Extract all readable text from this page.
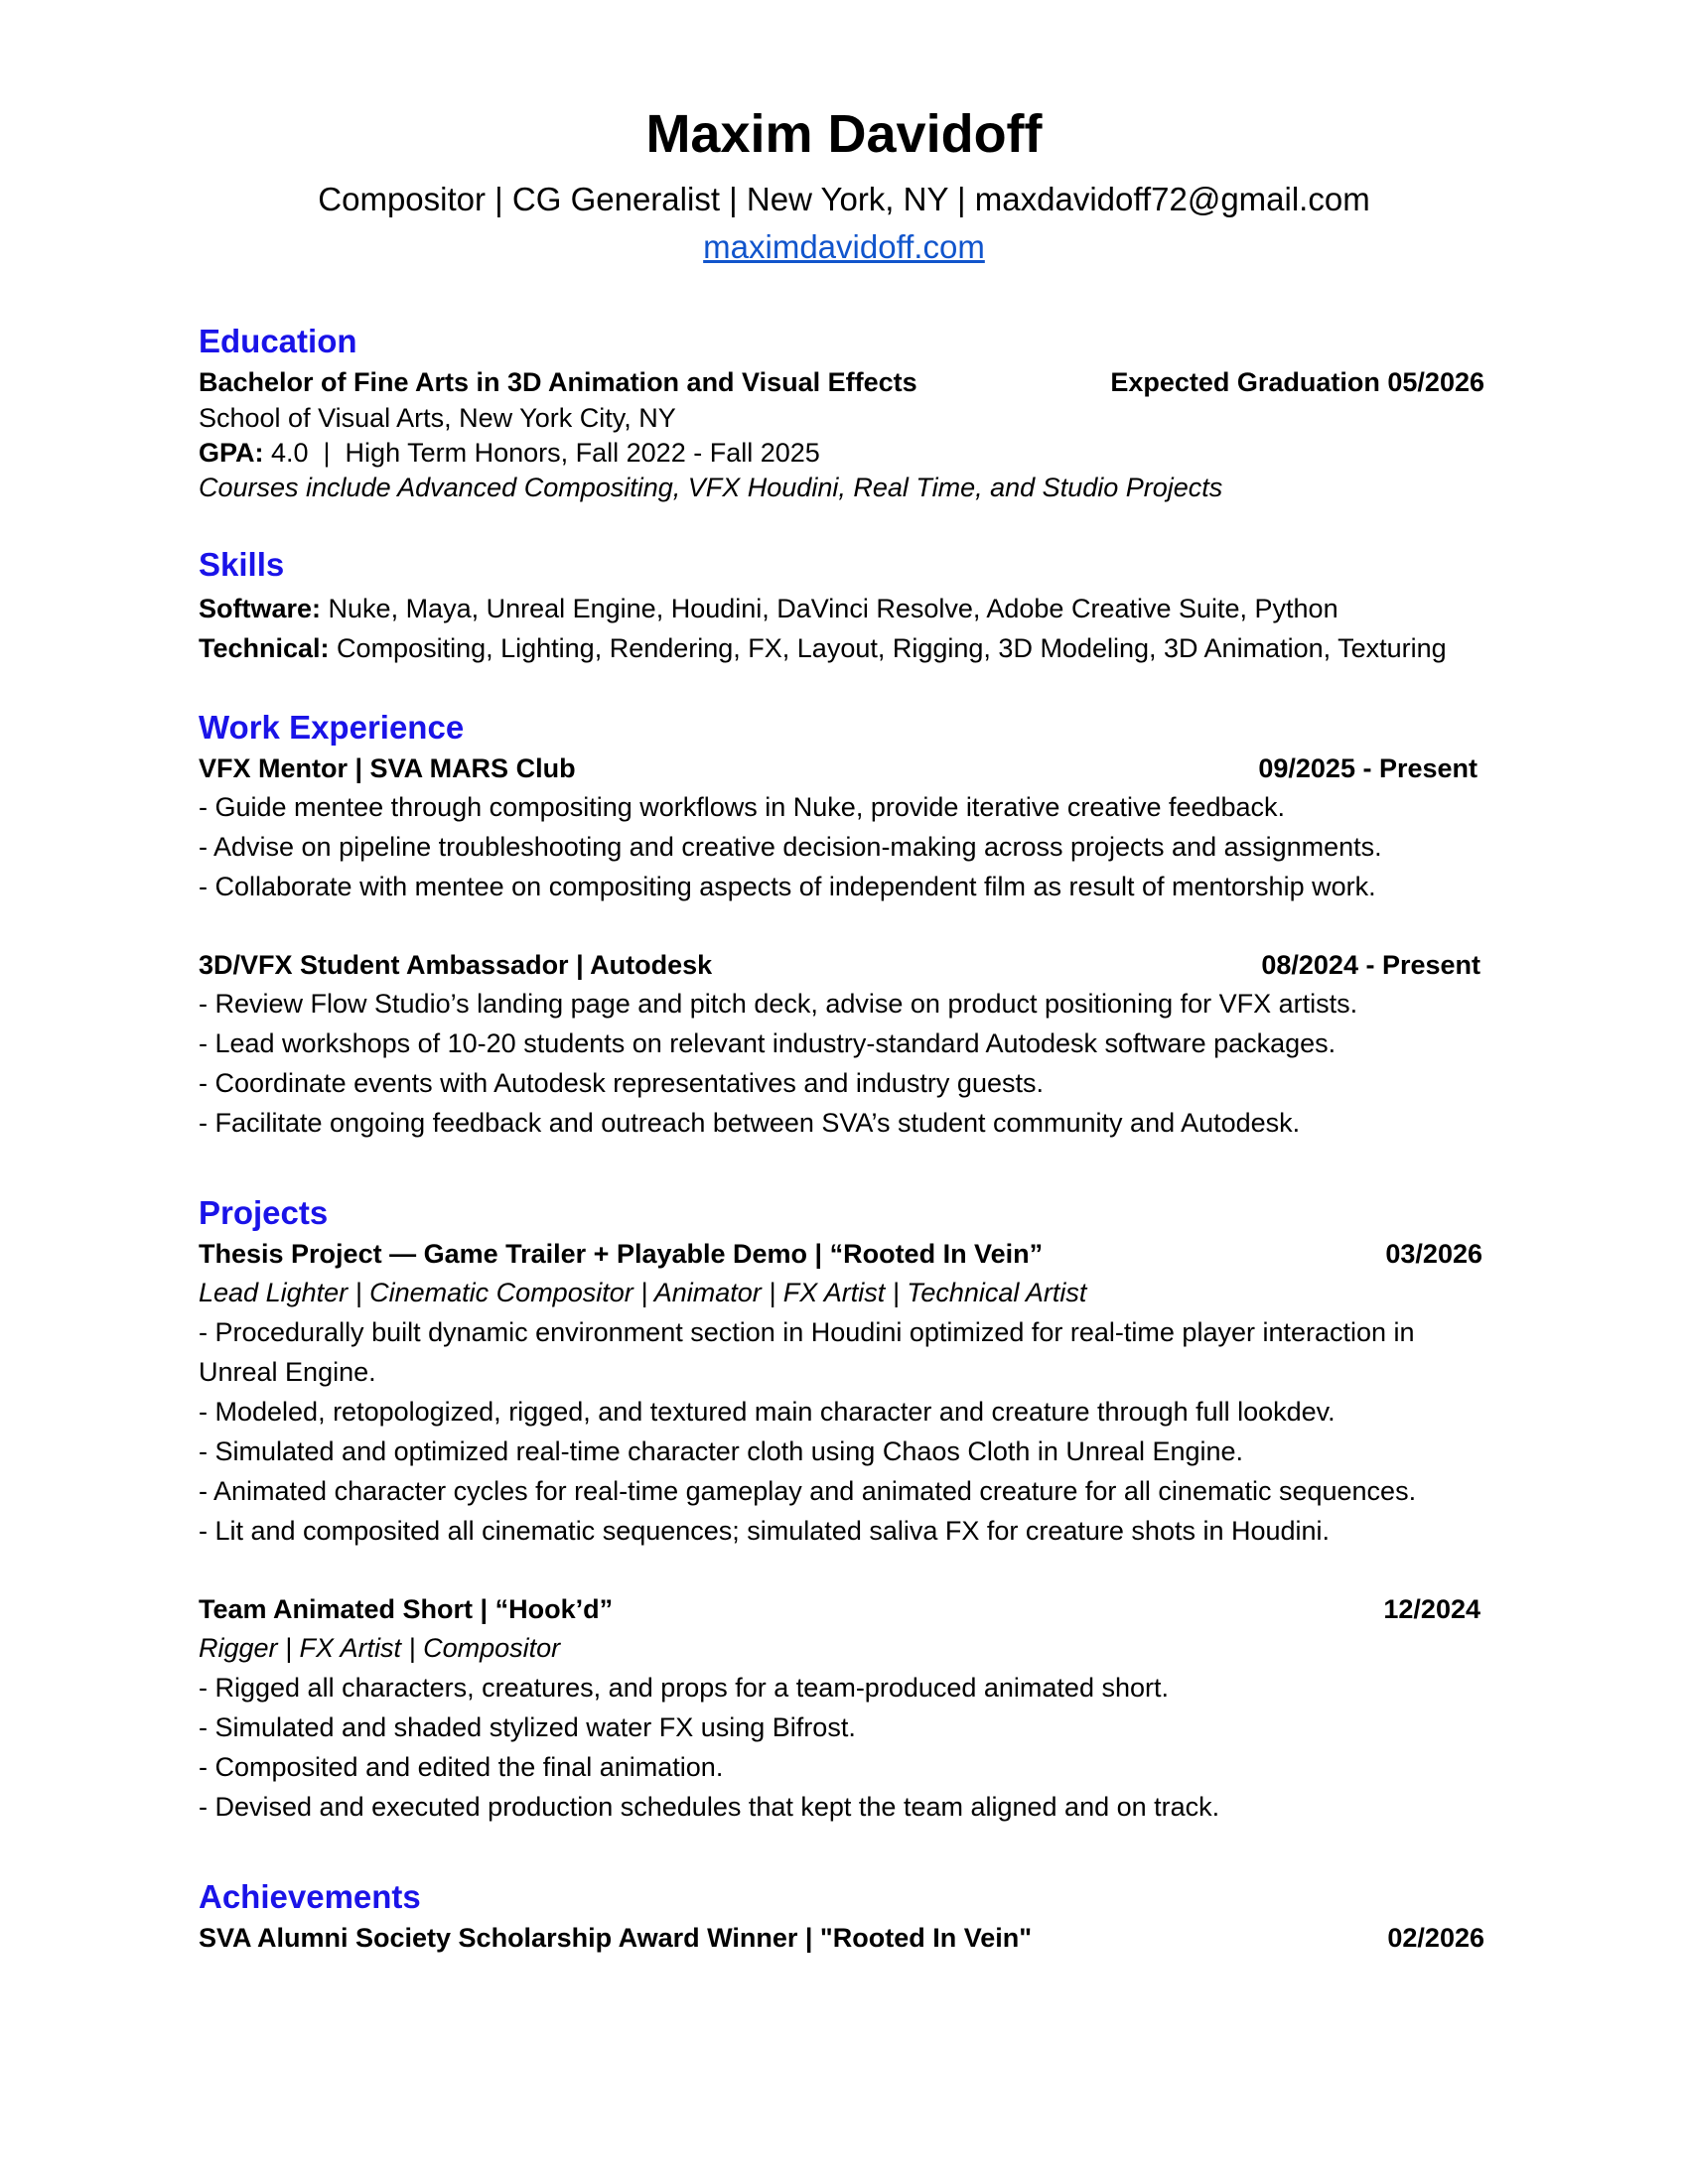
Maxim Davidoff
Compositor | CG Generalist | New York, NY | maxdavidoff72@gmail.com
maximdavidoff.com
Education
Bachelor of Fine Arts in 3D Animation and Visual Effects	Expected Graduation 05/2026
School of Visual Arts, New York City, NY
GPA: 4.0  |  High Term Honors, Fall 2022 - Fall 2025
Courses include Advanced Compositing, VFX Houdini, Real Time, and Studio Projects
Skills
Software: Nuke, Maya, Unreal Engine, Houdini, DaVinci Resolve, Adobe Creative Suite, Python
Technical: Compositing, Lighting, Rendering, FX, Layout, Rigging, 3D Modeling, 3D Animation, Texturing
Work Experience
VFX Mentor | SVA MARS Club	09/2025 - Present
- Guide mentee through compositing workflows in Nuke, provide iterative creative feedback.
- Advise on pipeline troubleshooting and creative decision-making across projects and assignments.
- Collaborate with mentee on compositing aspects of independent film as result of mentorship work.
3D/VFX Student Ambassador | Autodesk	08/2024 - Present
- Review Flow Studio’s landing page and pitch deck, advise on product positioning for VFX artists.
- Lead workshops of 10-20 students on relevant industry-standard Autodesk software packages.
- Coordinate events with Autodesk representatives and industry guests.
- Facilitate ongoing feedback and outreach between SVA’s student community and Autodesk.
Projects
Thesis Project — Game Trailer + Playable Demo | “Rooted In Vein”	03/2026
Lead Lighter | Cinematic Compositor | Animator | FX Artist | Technical Artist
- Procedurally built dynamic environment section in Houdini optimized for real-time player interaction in
Unreal Engine.
- Modeled, retopologized, rigged, and textured main character and creature through full lookdev.
- Simulated and optimized real-time character cloth using Chaos Cloth in Unreal Engine.
- Animated character cycles for real-time gameplay and animated creature for all cinematic sequences.
- Lit and composited all cinematic sequences; simulated saliva FX for creature shots in Houdini.
Team Animated Short | “Hook’d”	12/2024
Rigger | FX Artist | Compositor
- Rigged all characters, creatures, and props for a team-produced animated short.
- Simulated and shaded stylized water FX using Bifrost.
- Composited and edited the final animation.
- Devised and executed production schedules that kept the team aligned and on track.
Achievements
SVA Alumni Society Scholarship Award Winner | "Rooted In Vein"	02/2026
